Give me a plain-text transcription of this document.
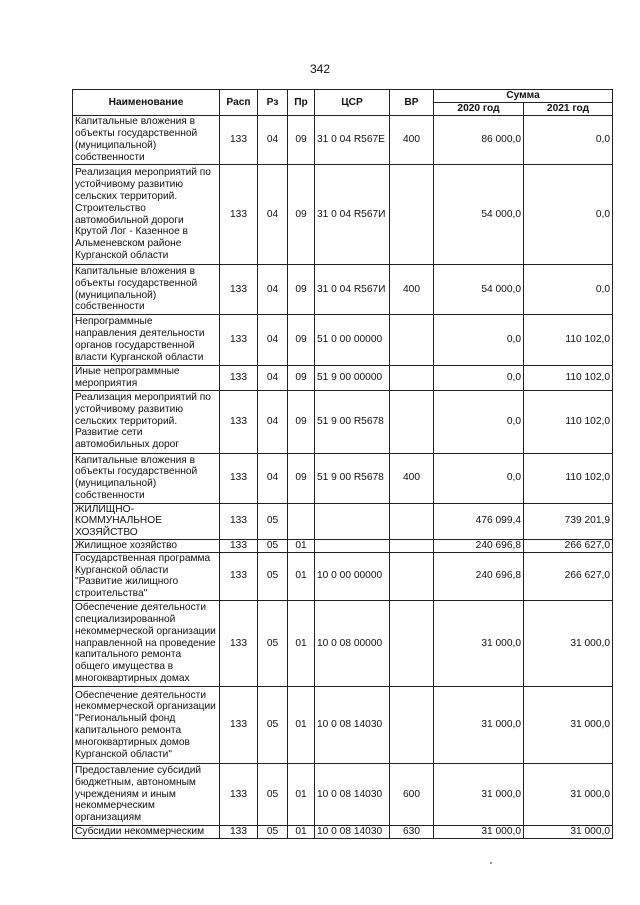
342
Наименование	Расп	Рз	Пр	ЦСР	ВР	Сумма	
						2020 год	2021 год
Капитальные вложения в объекты государственной (муниципальной) собственности	133	04	09	31 0 04 R567E	400	86 000,0	0,0
Реализация мероприятий по устойчивому развитию сельских территорий. Строительство автомобильной дороги Крутой Лог - Казенное в Альменевском районе Курганской области	133	04	09	31 0 04 R567И		54 000,0	0,0
Капитальные вложения в объекты государственной (муниципальной) собственности	133	04	09	31 0 04 R567И	400	54 000,0	0,0
Непрограммные направления деятельности органов государственной власти Курганской области	133	04	09	51 0 00 00000		0,0	110 102,0
Иные непрограммные мероприятия	133	04	09	51 9 00 00000		0,0	110 102,0
Реализация мероприятий по устойчивому развитию сельских территорий. Развитие сети автомобильных дорог	133	04	09	51 9 00 R5678		0,0	110 102,0
Капитальные вложения в объекты государственной (муниципальной) собственности	133	04	09	51 9 00 R5678	400	0,0	110 102,0
ЖИЛИЩНО-КОММУНАЛЬНОЕ ХОЗЯЙСТВО	133	05				476 099,4	739 201,9
Жилищное хозяйство	133	05	01			240 696,8	266 627,0
Государственная программа Курганской области "Развитие жилищного строительства"	133	05	01	10 0 00 00000		240 696,8	266 627,0
Обеспечение деятельности специализированной некоммерческой организации направленной на проведение капитального ремонта общего имущества в многоквартирных домах	133	05	01	10 0 08 00000		31 000,0	31 000,0
Обеспечение деятельности некоммерческой организации "Региональный фонд капитального ремонта многоквартирных домов Курганской области"	133	05	01	10 0 08 14030		31 000,0	31 000,0
Предоставление субсидий бюджетным, автономным учреждениям и иным некоммерческим организациям	133	05	01	10 0 08 14030	600	31 000,0	31 000,0
Субсидии некоммерческим	133	05	01	10 0 08 14030	630	31 000,0	31 000,0
